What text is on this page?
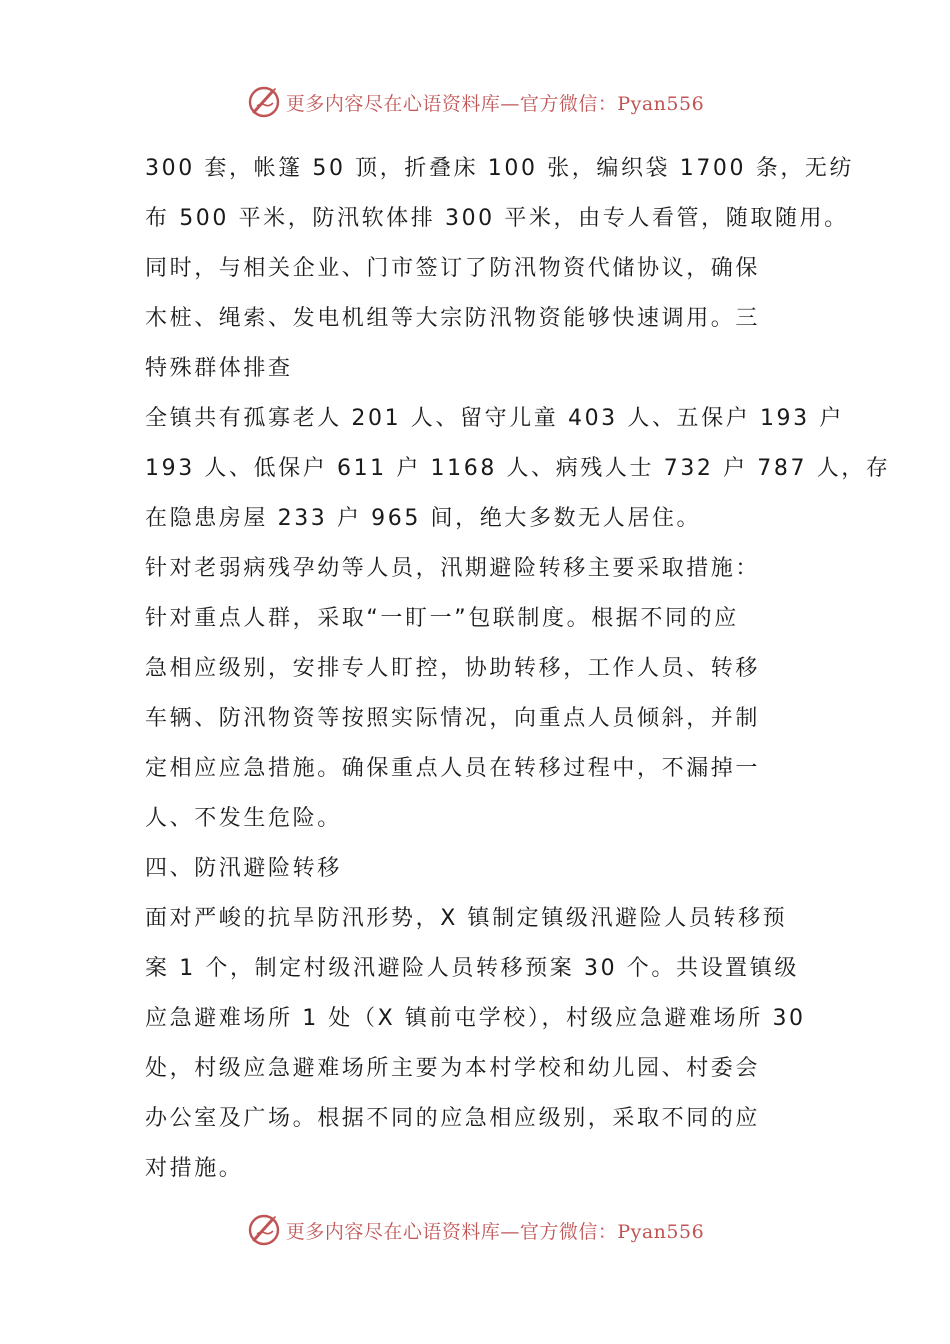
更多内容尽在心语资料库—官方微信：Pyan556
300 套，帐篷 50 顶，折叠床 100 张，编织袋 1700 条，无纺
布 500 平米，防汛软体排 300 平米，由专人看管，随取随用。
同时，与相关企业、门市签订了防汛物资代储协议，确保
木桩、绳索、发电机组等大宗防汛物资能够快速调用。三
特殊群体排查
全镇共有孤寡老人 201 人、留守儿童 403 人、五保户 193 户
193 人、低保户 611 户 1168 人、病残人士 732 户 787 人，存
在隐患房屋 233 户 965 间，绝大多数无人居住。
针对老弱病残孕幼等人员，汛期避险转移主要采取措施：
针对重点人群，采取“一盯一”包联制度。根据不同的应
急相应级别，安排专人盯控，协助转移，工作人员、转移
车辆、防汛物资等按照实际情况，向重点人员倾斜，并制
定相应应急措施。确保重点人员在转移过程中，不漏掉一
人、不发生危险。
四、防汛避险转移
面对严峻的抗旱防汛形势，X 镇制定镇级汛避险人员转移预
案 1 个，制定村级汛避险人员转移预案 30 个。共设置镇级
应急避难场所 1 处（X 镇前屯学校），村级应急避难场所 30
处，村级应急避难场所主要为本村学校和幼儿园、村委会
办公室及广场。根据不同的应急相应级别，采取不同的应
对措施。
更多内容尽在心语资料库—官方微信：Pyan556
